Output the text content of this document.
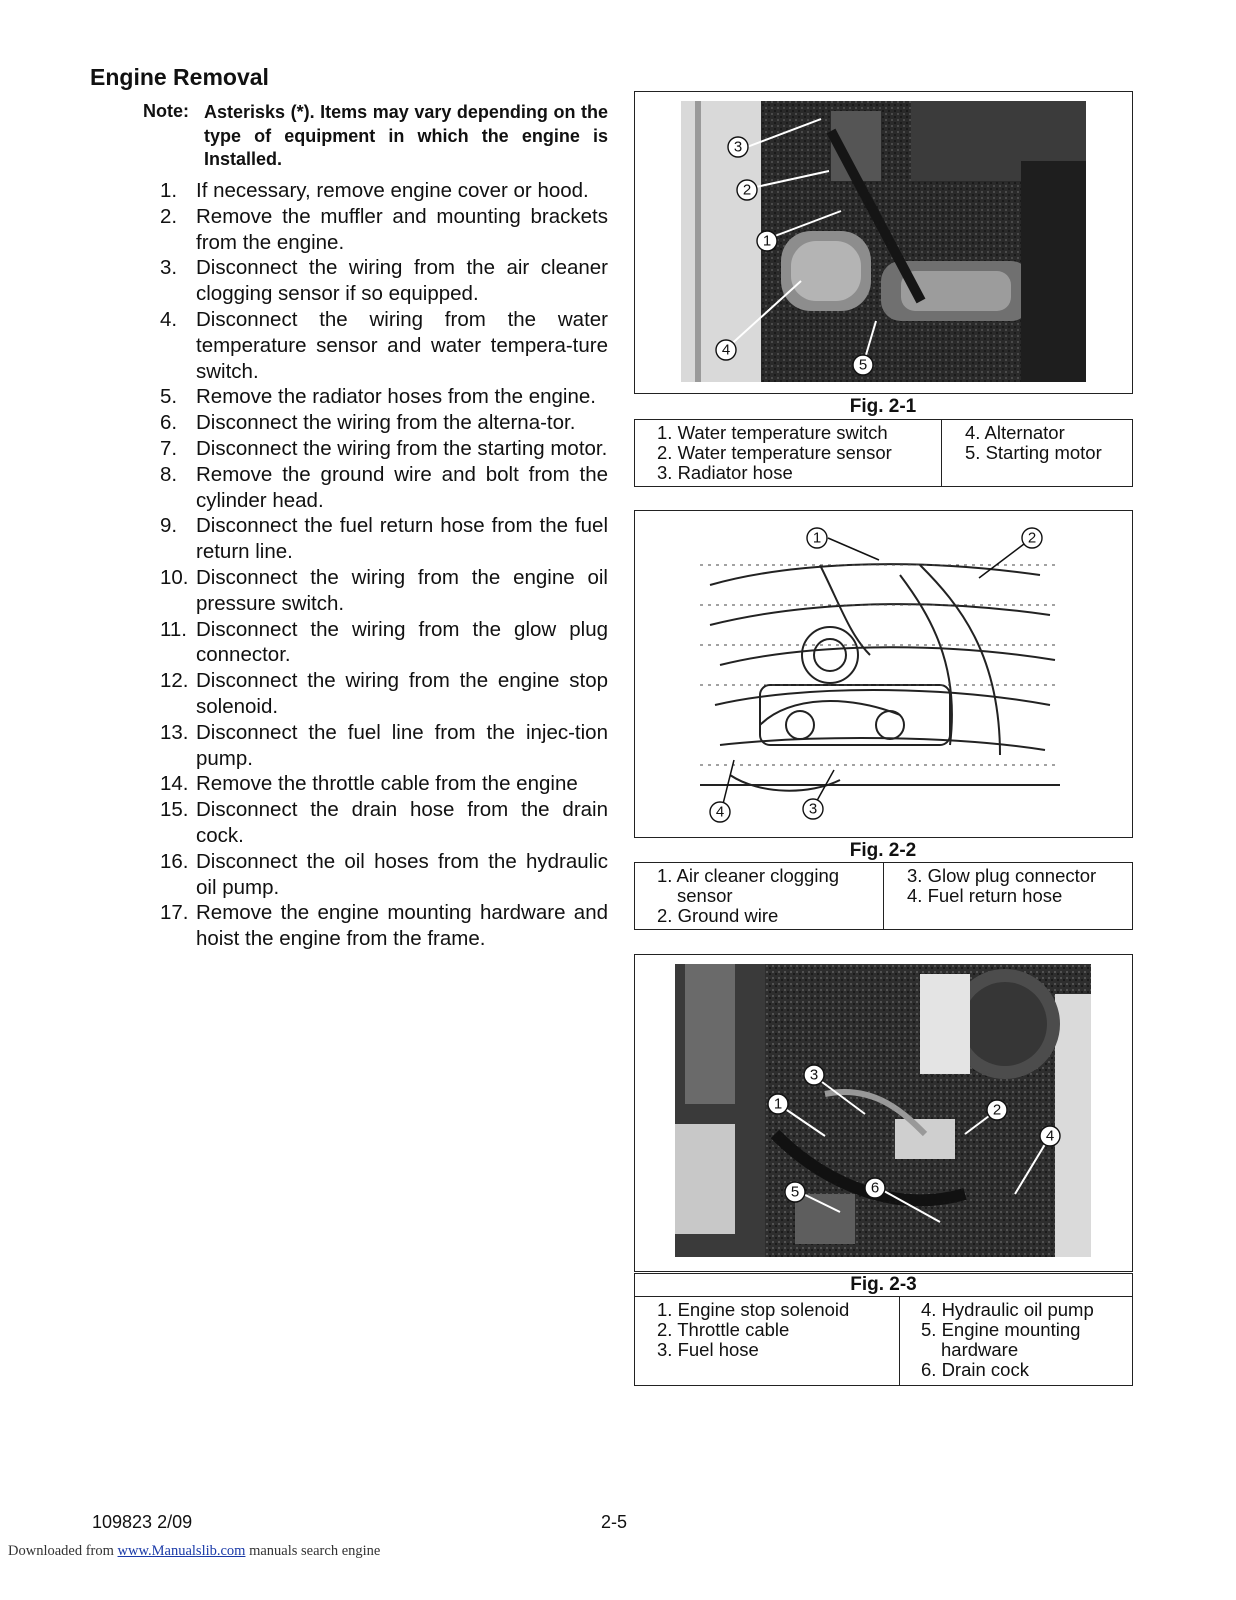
Engine Removal
Note: Asterisks (*). Items may vary depending on the type of equipment in which the engine is Installed.
1. If necessary, remove engine cover or hood.
2. Remove the muffler and mounting brackets from the engine.
3. Disconnect the wiring from the air cleaner clogging sensor if so equipped.
4. Disconnect the wiring from the water temperature sensor and water tempera-ture switch.
5. Remove the radiator hoses from the engine.
6. Disconnect the wiring from the alterna-tor.
7. Disconnect the wiring from the starting motor.
8. Remove the ground wire and bolt from the cylinder head.
9. Disconnect the fuel return hose from the fuel return line.
10. Disconnect the wiring from the engine oil pressure switch.
11. Disconnect the wiring from the glow plug connector.
12. Disconnect the wiring from the engine stop solenoid.
13. Disconnect the fuel line from the injec-tion pump.
14. Remove the throttle cable from the engine
15. Disconnect the drain hose from the drain cock.
16. Disconnect the oil hoses from the hydraulic oil pump.
17. Remove the engine mounting hardware and hoist the engine from the frame.
1
2
3
4
5
Fig. 2-1
1. Water temperature switch
2. Water temperature sensor
3. Radiator hose
4. Alternator
5. Starting motor
1	2
3
4
Fig. 2-2
1. Air cleaner clogging
sensor
2. Ground wire
3. Glow plug connector
4. Fuel return hose
1	2
3
4
5	6
Fig. 2-3
1. Engine stop solenoid
2. Throttle cable
3. Fuel hose
4. Hydraulic oil pump
5. Engine mounting
hardware
6. Drain cock
109823 2/09	2-5
Downloaded from www.Manualslib.com manuals search engine
